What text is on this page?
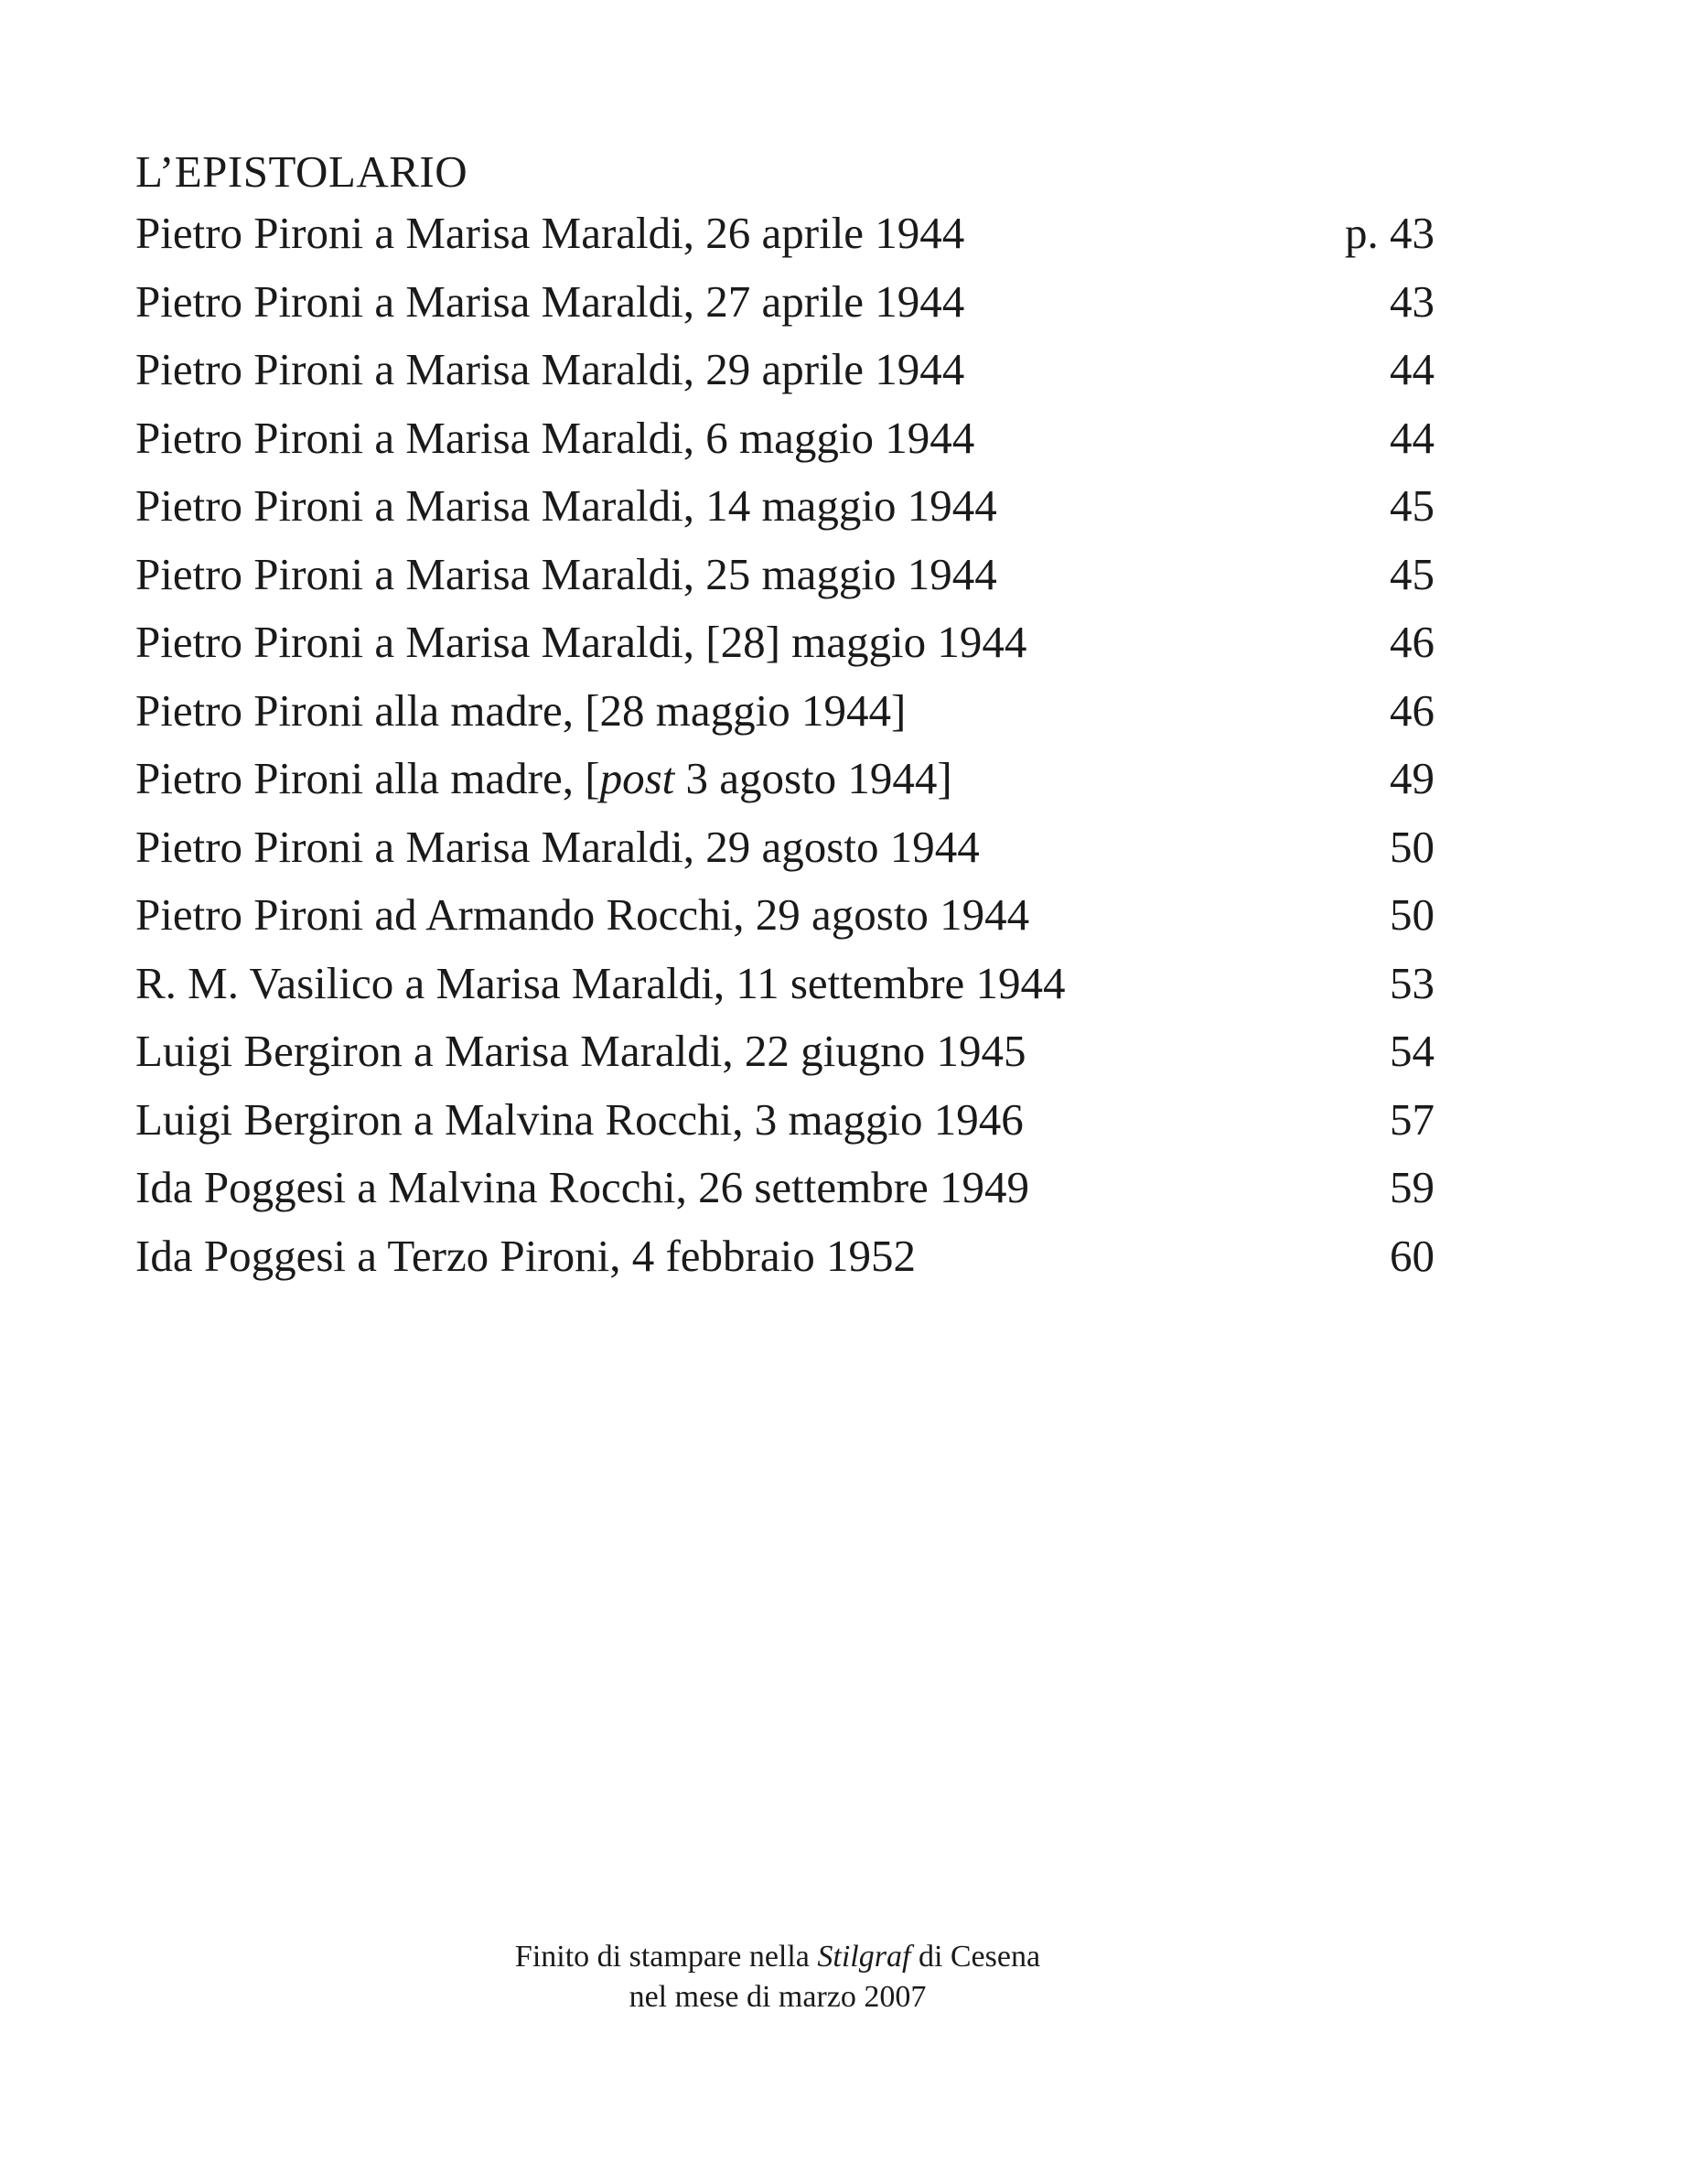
L’EPISTOLARIO
Pietro Pironi a Marisa Maraldi, 26 aprile 1944	p. 43
Pietro Pironi a Marisa Maraldi, 27 aprile 1944	43
Pietro Pironi a Marisa Maraldi, 29 aprile 1944	44
Pietro Pironi a Marisa Maraldi, 6 maggio 1944	44
Pietro Pironi a Marisa Maraldi, 14 maggio 1944	45
Pietro Pironi a Marisa Maraldi, 25 maggio 1944	45
Pietro Pironi a Marisa Maraldi, [28] maggio 1944	46
Pietro Pironi alla madre, [28 maggio 1944]	46
Pietro Pironi alla madre, [post 3 agosto 1944]	49
Pietro Pironi a Marisa Maraldi, 29 agosto 1944	50
Pietro Pironi ad Armando Rocchi, 29 agosto 1944	50
R. M. Vasilico a Marisa Maraldi, 11 settembre 1944	53
Luigi Bergiron a Marisa Maraldi, 22 giugno 1945	54
Luigi Bergiron a Malvina Rocchi, 3 maggio 1946	57
Ida Poggesi a Malvina Rocchi, 26 settembre 1949	59
Ida Poggesi a Terzo Pironi, 4 febbraio 1952	60
Finito di stampare nella Stilgraf di Cesena
nel mese di marzo 2007
